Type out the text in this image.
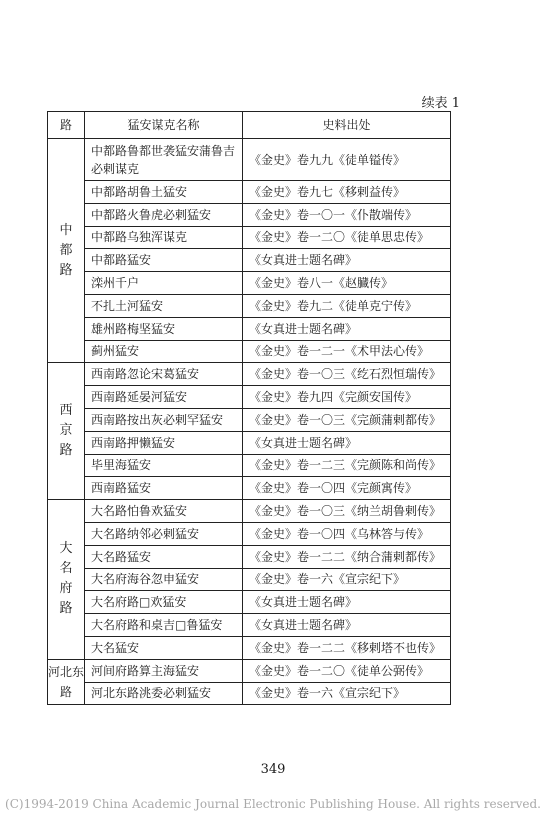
续表 1
路	猛安谋克名称	史料出处
中都路	中都路鲁都世袭猛安蒲鲁吉必剌谋克	《金史》卷九九《徒单镒传》
	中都路胡鲁土猛安	《金史》卷九七《移剌益传》
	中都路火鲁虎必剌猛安	《金史》卷一〇一《仆散端传》
	中都路乌独浑谋克	《金史》卷一二〇《徒单思忠传》
	中都路猛安	《女真进士题名碑》
	滦州千户	《金史》卷八一《赵臓传》
	不扎土河猛安	《金史》卷九二《徒单克宁传》
	雄州路梅坚猛安	《女真进士题名碑》
	蓟州猛安	《金史》卷一二一《术甲法心传》
西京路	西南路忽论宋葛猛安	《金史》卷一〇三《纥石烈恒瑞传》
	西南路延晏河猛安	《金史》卷九四《完颜安国传》
	西南路按出灰必剌罕猛安	《金史》卷一〇三《完颜蒲剌都传》
	西南路押懒猛安	《女真进士题名碑》
	毕里海猛安	《金史》卷一二三《完颜陈和尚传》
	西南路猛安	《金史》卷一〇四《完颜寓传》
大名府路	大名路怕鲁欢猛安	《金史》卷一〇三《纳兰胡鲁剌传》
	大名路纳邻必剌猛安	《金史》卷一〇四《乌林答与传》
	大名路猛安	《金史》卷一二二《纳合蒲剌都传》
	大名府海谷忽申猛安	《金史》卷一六《宣宗纪下》
	大名府路□欢猛安	《女真进士题名碑》
	大名府路和桌吉□鲁猛安	《女真进士题名碑》
	大名猛安	《金史》卷一二二《移剌塔不也传》
河北东路	河间府路算主海猛安	《金史》卷一二〇《徒单公弼传》
	河北东路洮委必剌猛安	《金史》卷一六《宣宗纪下》
349
(C)1994-2019 China Academic Journal Electronic Publishing House. All rights reserved.
